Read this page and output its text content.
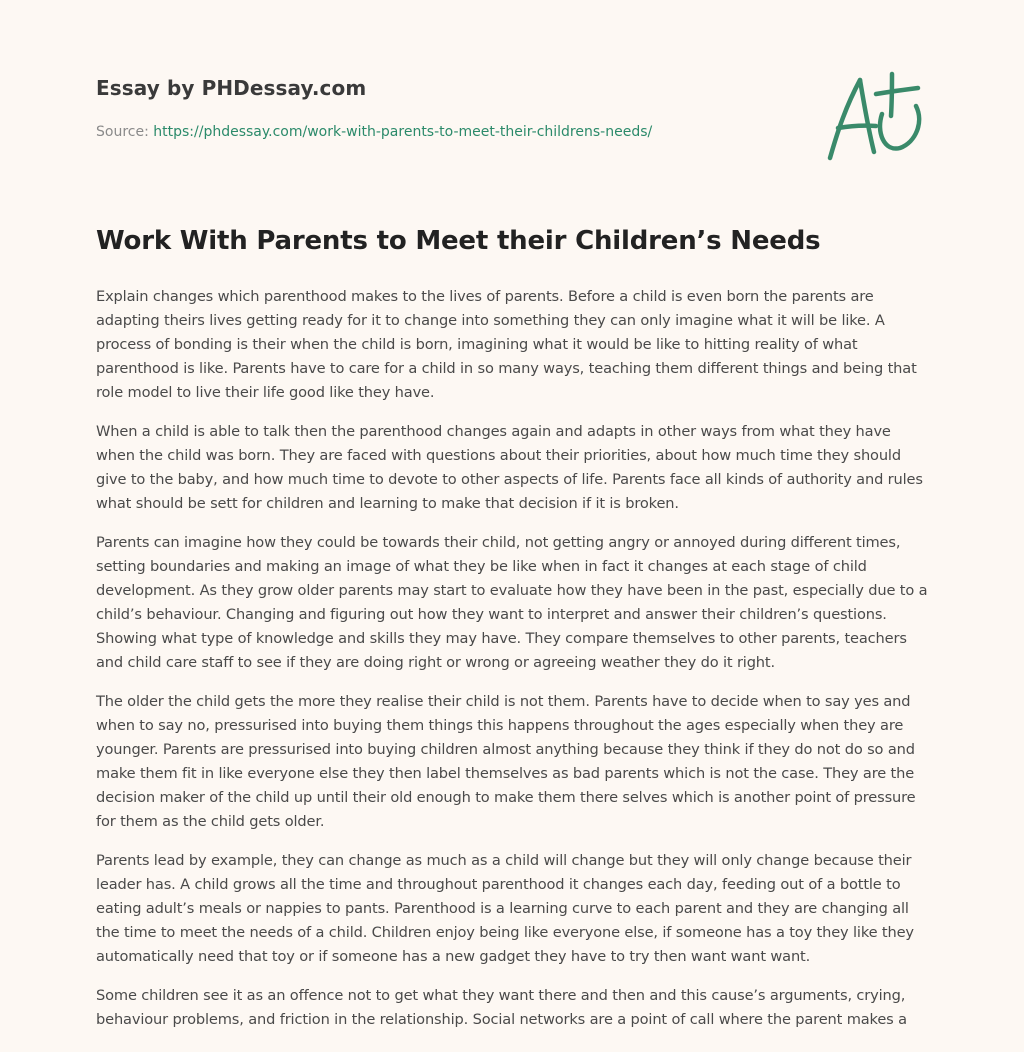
Essay by PHDessay.com
Source: https://phdessay.com/work-with-parents-to-meet-their-childrens-needs/
Work With Parents to Meet their Children’s Needs

Explain changes which parenthood makes to the lives of parents. Before a child is even born the parents are adapting theirs lives getting ready for it to change into something they can only imagine what it will be like. A process of bonding is their when the child is born, imagining what it would be like to hitting reality of what parenthood is like. Parents have to care for a child in so many ways, teaching them different things and being that role model to live their life good like they have.

When a child is able to talk then the parenthood changes again and adapts in other ways from what they have when the child was born. They are faced with questions about their priorities, about how much time they should give to the baby, and how much time to devote to other aspects of life. Parents face all kinds of authority and rules what should be sett for children and learning to make that decision if it is broken.

Parents can imagine how they could be towards their child, not getting angry or annoyed during different times, setting boundaries and making an image of what they be like when in fact it changes at each stage of child development. As they grow older parents may start to evaluate how they have been in the past, especially due to a child’s behaviour. Changing and figuring out how they want to interpret and answer their children’s questions. Showing what type of knowledge and skills they may have. They compare themselves to other parents, teachers and child care staff to see if they are doing right or wrong or agreeing weather they do it right.

The older the child gets the more they realise their child is not them. Parents have to decide when to say yes and when to say no, pressurised into buying them things this happens throughout the ages especially when they are younger. Parents are pressurised into buying children almost anything because they think if they do not do so and make them fit in like everyone else they then label themselves as bad parents which is not the case. They are the decision maker of the child up until their old enough to make them there selves which is another point of pressure for them as the child gets older.

Parents lead by example, they can change as much as a child will change but they will only change because their leader has. A child grows all the time and throughout parenthood it changes each day, feeding out of a bottle to eating adult’s meals or nappies to pants. Parenthood is a learning curve to each parent and they are changing all the time to meet the needs of a child. Children enjoy being like everyone else, if someone has a toy they like they automatically need that toy or if someone has a new gadget they have to try then want want want.

Some children see it as an offence not to get what they want there and then and this cause’s arguments, crying, behaviour problems, and friction in the relationship. Social networks are a point of call where the parent makes a
